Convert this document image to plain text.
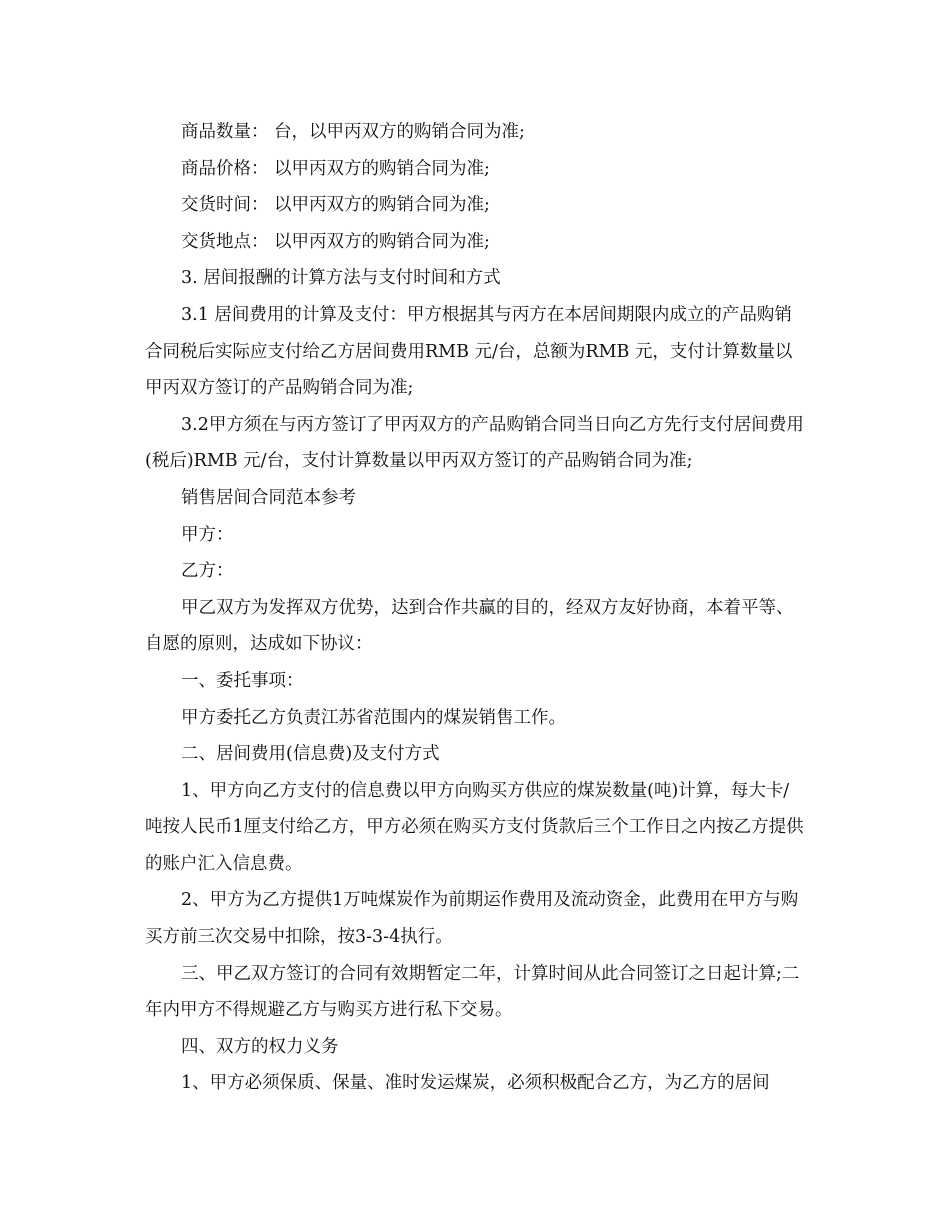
商品数量： 台，以甲丙双方的购销合同为准;

商品价格： 以甲丙双方的购销合同为准;

交货时间： 以甲丙双方的购销合同为准;

交货地点： 以甲丙双方的购销合同为准;

3. 居间报酬的计算方法与支付时间和方式

3.1 居间费用的计算及支付：甲方根据其与丙方在本居间期限内成立的产品购销合同税后实际应支付给乙方居间费用RMB 元/台，总额为RMB 元，支付计算数量以甲丙双方签订的产品购销合同为准;

3.2甲方须在与丙方签订了甲丙双方的产品购销合同当日向乙方先行支付居间费用(税后)RMB 元/台，支付计算数量以甲丙双方签订的产品购销合同为准;

销售居间合同范本参考

甲方：

乙方：

甲乙双方为发挥双方优势，达到合作共赢的目的，经双方友好协商，本着平等、自愿的原则，达成如下协议：

一、委托事项：

甲方委托乙方负责江苏省范围内的煤炭销售工作。

二、居间费用(信息费)及支付方式

1、甲方向乙方支付的信息费以甲方向购买方供应的煤炭数量(吨)计算，每大卡/吨按人民币1厘支付给乙方，甲方必须在购买方支付货款后三个工作日之内按乙方提供的账户汇入信息费。

2、甲方为乙方提供1万吨煤炭作为前期运作费用及流动资金，此费用在甲方与购买方前三次交易中扣除，按3-3-4执行。

三、甲乙双方签订的合同有效期暂定二年，计算时间从此合同签订之日起计算;二年内甲方不得规避乙方与购买方进行私下交易。

四、双方的权力义务

1、甲方必须保质、保量、准时发运煤炭，必须积极配合乙方，为乙方的居间
